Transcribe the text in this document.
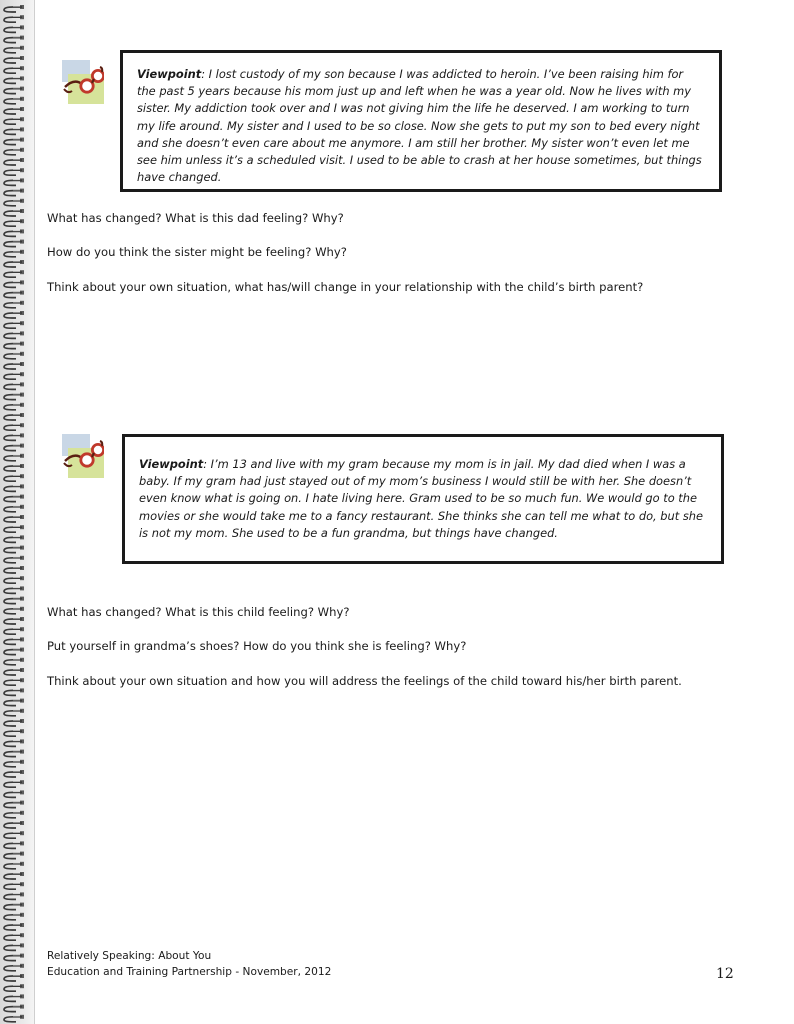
Viewpoint: I lost custody of my son because I was addicted to heroin. I’ve been raising him for the past 5 years because his mom just up and left when he was a year old. Now he lives with my sister. My addiction took over and I was not giving him the life he deserved. I am working to turn my life around. My sister and I used to be so close. Now she gets to put my son to bed every night and she doesn’t even care about me anymore. I am still her brother. My sister won’t even let me see him unless it’s a scheduled visit. I used to be able to crash at her house sometimes, but things have changed.
What has changed? What is this dad feeling? Why?
How do you think the sister might be feeling? Why?
Think about your own situation, what has/will change in your relationship with the child’s birth parent?
Viewpoint: I’m 13 and live with my gram because my mom is in jail. My dad died when I was a baby. If my gram had just stayed out of my mom’s business I would still be with her. She doesn’t even know what is going on. I hate living here. Gram used to be so much fun. We would go to the movies or she would take me to a fancy restaurant. She thinks she can tell me what to do, but she is not my mom. She used to be a fun grandma, but things have changed.
What has changed? What is this child feeling? Why?
Put yourself in grandma’s shoes? How do you think she is feeling? Why?
Think about your own situation and how you will address the feelings of the child toward his/her birth parent.
Relatively Speaking: About You
Education and Training Partnership - November, 2012	12
